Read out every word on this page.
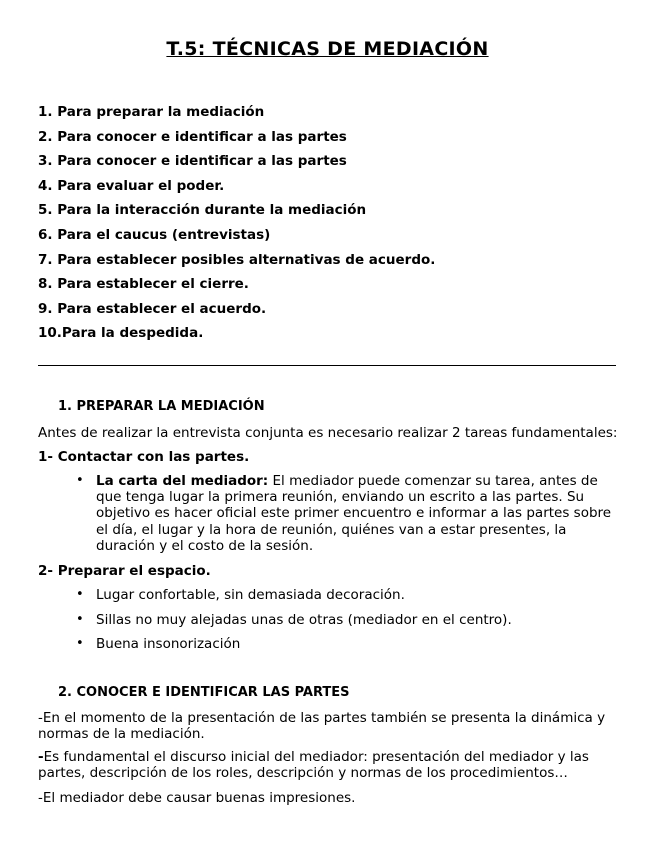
T.5: TÉCNICAS DE MEDIACIÓN
1. Para preparar la mediación
2. Para conocer e identificar a las partes
3. Para conocer e identificar a las partes
4. Para evaluar el poder.
5. Para la interacción durante la mediación
6. Para el caucus (entrevistas)
7. Para establecer posibles alternativas de acuerdo.
8. Para establecer el cierre.
9. Para establecer el acuerdo.
10.Para la despedida.
1. PREPARAR LA MEDIACIÓN

Antes de realizar la entrevista conjunta es necesario realizar 2 tareas fundamentales:

1- Contactar con las partes.

• La carta del mediador: El mediador puede comenzar su tarea, antes de que tenga lugar la primera reunión, enviando un escrito a las partes. Su objetivo es hacer oficial este primer encuentro e informar a las partes sobre el día, el lugar y la hora de reunión, quiénes van a estar presentes, la duración y el costo de la sesión.

2- Preparar el espacio.

• Lugar confortable, sin demasiada decoración.

• Sillas no muy alejadas unas de otras (mediador en el centro).

• Buena insonorización

2. CONOCER E IDENTIFICAR LAS PARTES

-En el momento de la presentación de las partes también se presenta la dinámica y normas de la mediación.

-Es fundamental el discurso inicial del mediador: presentación del mediador y las partes, descripción de los roles, descripción y normas de los procedimientos…

-El mediador debe causar buenas impresiones.
